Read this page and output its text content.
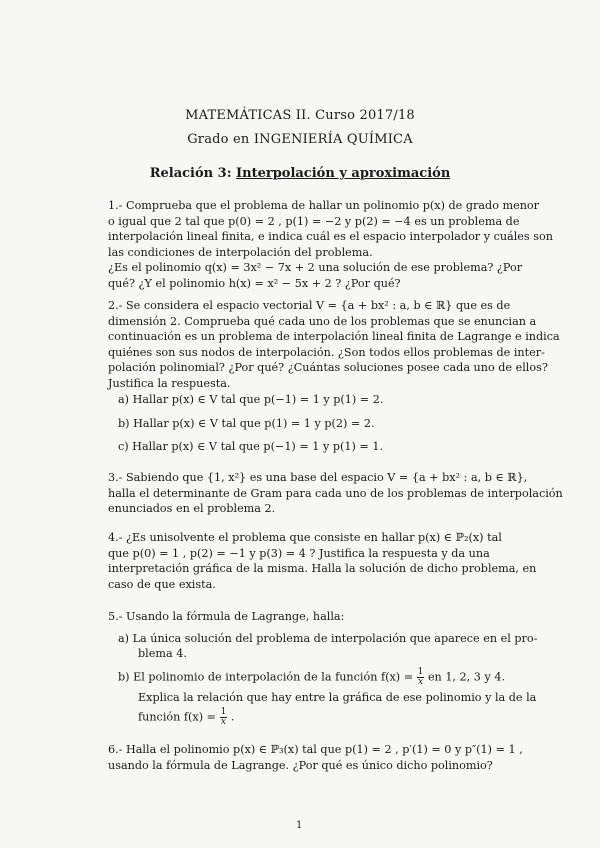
MATEMÁTICAS II. Curso 2017/18
Grado en INGENIERÍA QUÍMICA
Relación 3: Interpolación y aproximación
1.- Comprueba que el problema de hallar un polinomio p(x) de grado menor
o igual que 2 tal que p(0) = 2 , p(1) = −2 y p(2) = −4 es un problema de
interpolación lineal finita, e indica cuál es el espacio interpolador y cuáles son
las condiciones de interpolación del problema.
¿Es el polinomio q(x) = 3x² − 7x + 2 una solución de ese problema? ¿Por
qué? ¿Y el polinomio h(x) = x² − 5x + 2 ? ¿Por qué?
2.- Se considera el espacio vectorial V = {a + bx² : a, b ∈ ℝ} que es de
dimensión 2. Comprueba qué cada uno de los problemas que se enuncian a
continuación es un problema de interpolación lineal finita de Lagrange e indica
quiénes son sus nodos de interpolación. ¿Son todos ellos problemas de inter-
polación polinomial? ¿Por qué? ¿Cuántas soluciones posee cada uno de ellos?
Justifica la respuesta.
a) Hallar p(x) ∈ V tal que p(−1) = 1 y p(1) = 2.
b) Hallar p(x) ∈ V tal que p(1) = 1 y p(2) = 2.
c) Hallar p(x) ∈ V tal que p(−1) = 1 y p(1) = 1.
3.- Sabiendo que {1, x²} es una base del espacio V = {a + bx² : a, b ∈ ℝ},
halla el determinante de Gram para cada uno de los problemas de interpolación
enunciados en el problema 2.
4.- ¿Es unisolvente el problema que consiste en hallar p(x) ∈ ℙ₂(x) tal
que p(0) = 1 , p(2) = −1 y p(3) = 4 ? Justifica la respuesta y da una
interpretación gráfica de la misma. Halla la solución de dicho problema, en
caso de que exista.
5.- Usando la fórmula de Lagrange, halla:
a) La única solución del problema de interpolación que aparece en el pro-
blema 4.
b) El polinomio de interpolación de la función $f(x) = \frac{1}{x}$ en 1, 2, 3 y 4.
Explica la relación que hay entre la gráfica de ese polinomio y la de la
función $f(x) = \frac{1}{x}$ .
6.- Halla el polinomio p(x) ∈ ℙ₃(x) tal que p(1) = 2 , p′(1) = 0 y p″(1) = 1 ,
usando la fórmula de Lagrange. ¿Por qué es único dicho polinomio?
1
